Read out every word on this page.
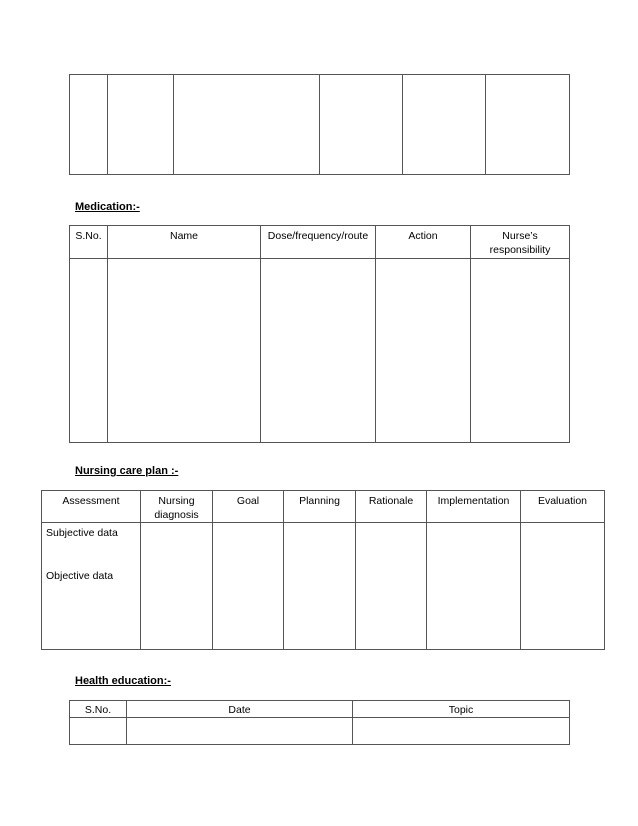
Medication:-

S.No.	Name	Dose/frequency/route	Action	Nurse’s responsibility

Nursing care plan :-

Assessment	Nursing diagnosis	Goal	Planning	Rationale	Implementation	Evaluation

Subjective data
Objective data						

Health education:-

S.No.	Date	Topic
